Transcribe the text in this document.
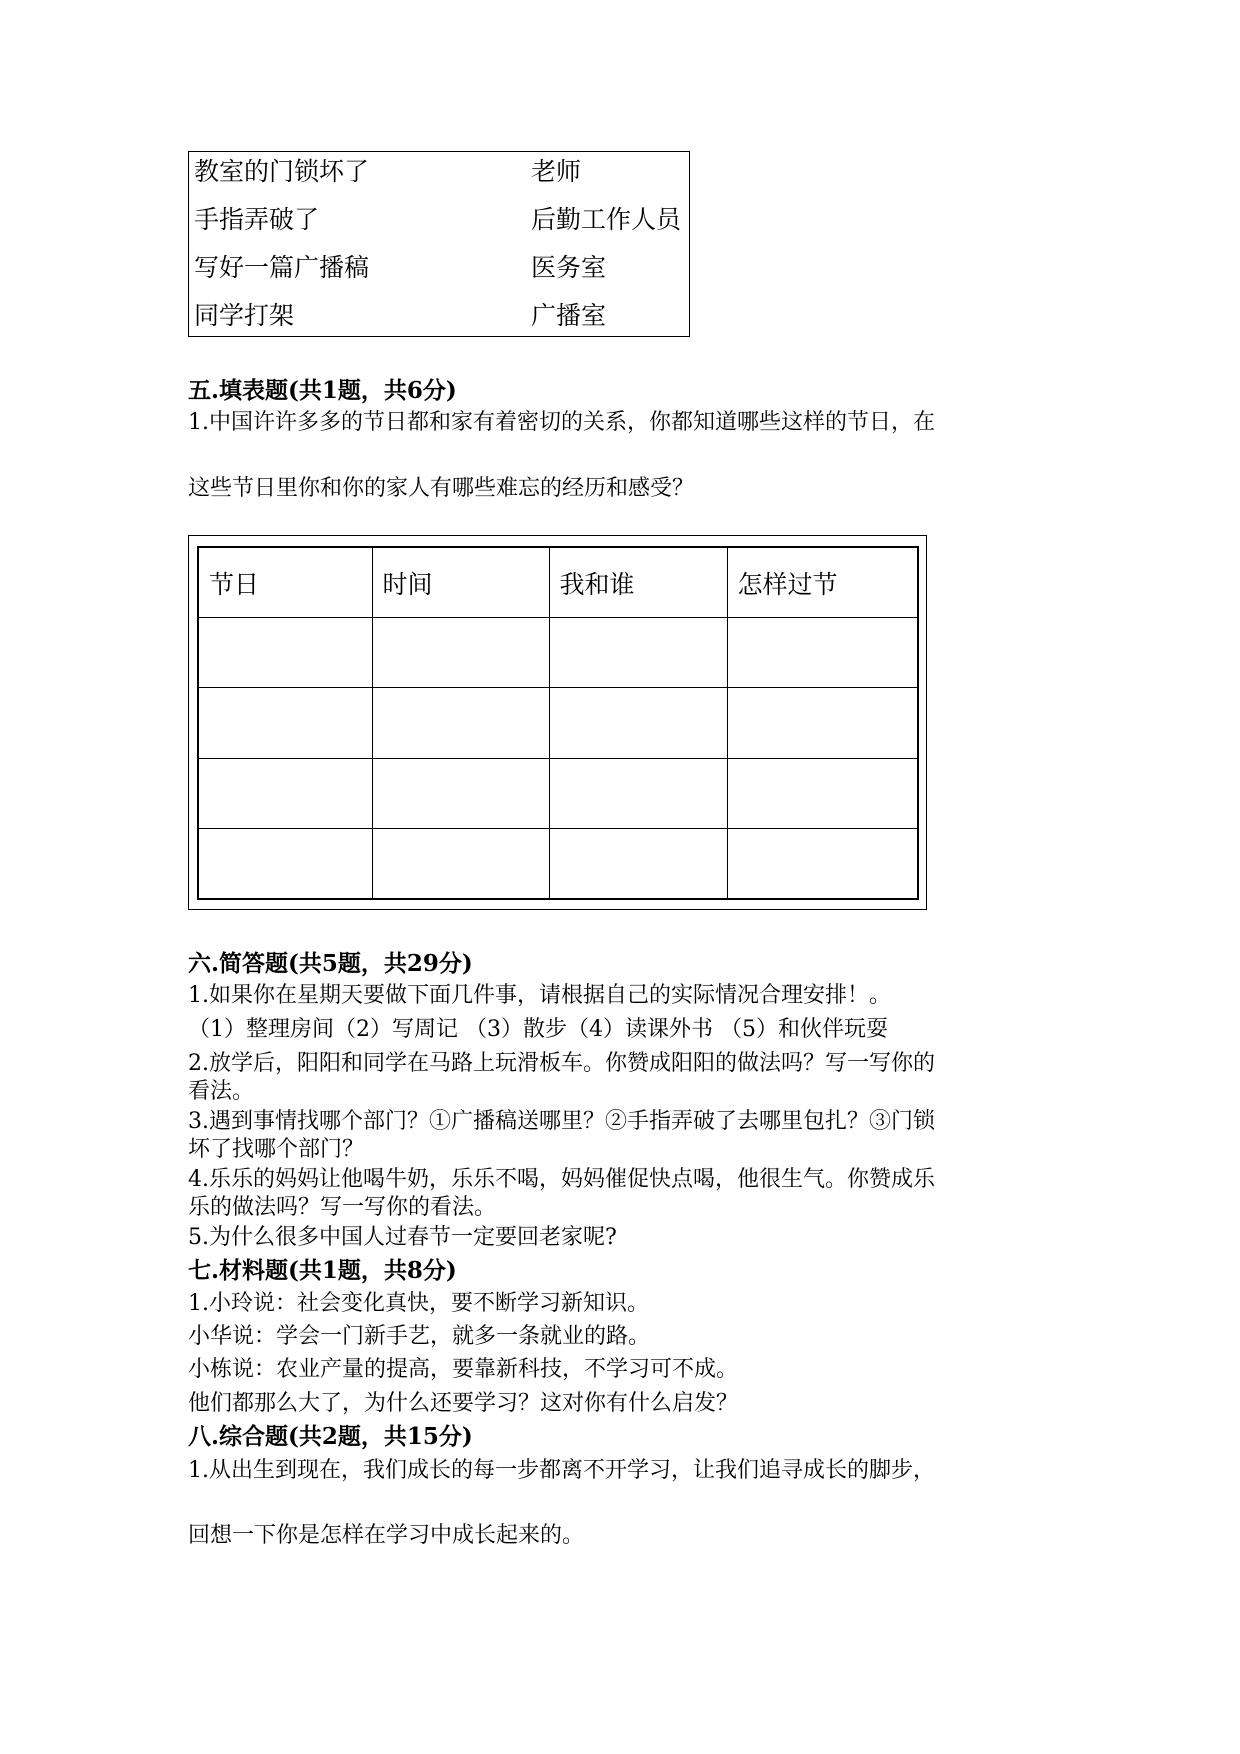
教室的门锁坏了	老师
手指弄破了	后勤工作人员
写好一篇广播稿	医务室
同学打架	广播室
五.填表题(共1题，共6分)
1.中国许许多多的节日都和家有着密切的关系，你都知道哪些这样的节日，在
这些节日里你和你的家人有哪些难忘的经历和感受？
节日	时间	我和谁	怎样过节

六.简答题(共5题，共29分)
1.如果你在星期天要做下面几件事，请根据自己的实际情况合理安排！。
（1）整理房间（2）写周记 （3）散步（4）读课外书 （5）和伙伴玩耍
2.放学后，阳阳和同学在马路上玩滑板车。你赞成阳阳的做法吗？写一写你的
看法。
3.遇到事情找哪个部门？①广播稿送哪里？②手指弄破了去哪里包扎？③门锁
坏了找哪个部门？
4.乐乐的妈妈让他喝牛奶，乐乐不喝，妈妈催促快点喝，他很生气。你赞成乐
乐的做法吗？写一写你的看法。
5.为什么很多中国人过春节一定要回老家呢?
七.材料题(共1题，共8分)
1.小玲说：社会变化真快，要不断学习新知识。
小华说：学会一门新手艺，就多一条就业的路。
小栋说：农业产量的提高，要靠新科技，不学习可不成。
他们都那么大了，为什么还要学习？这对你有什么启发？
八.综合题(共2题，共15分)
1.从出生到现在，我们成长的每一步都离不开学习，让我们追寻成长的脚步，
回想一下你是怎样在学习中成长起来的。
